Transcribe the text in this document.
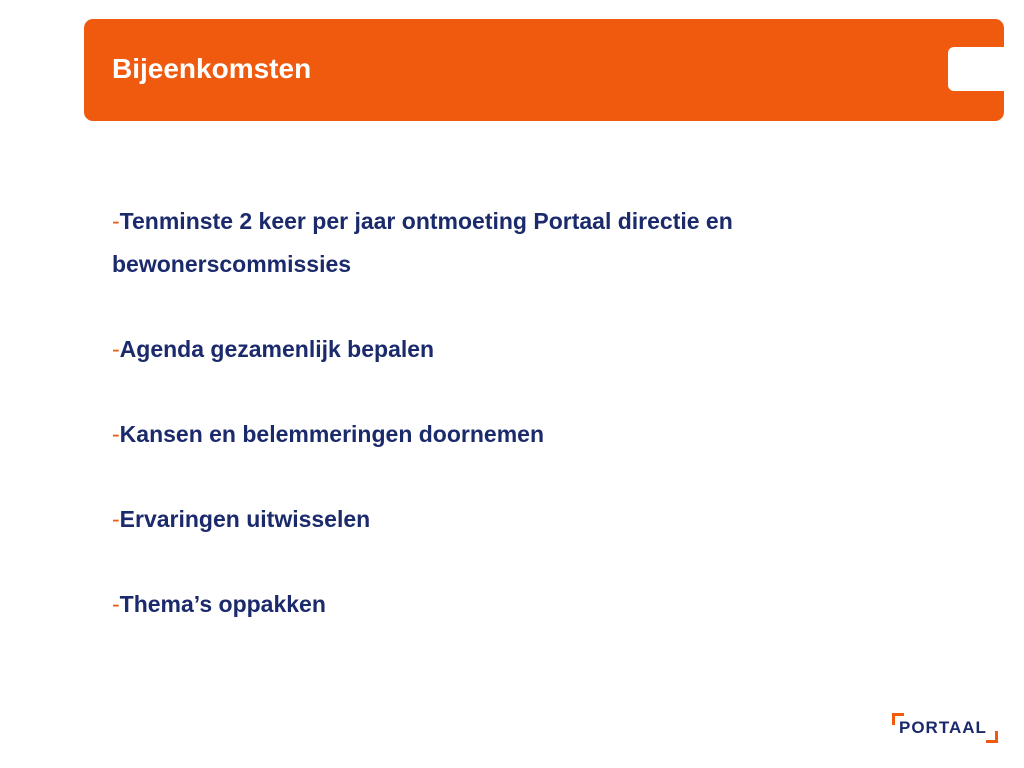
Bijeenkomsten
-Tenminste 2 keer per jaar ontmoeting Portaal directie en bewonerscommissies
-Agenda gezamenlijk bepalen
-Kansen en belemmeringen doornemen
-Ervaringen uitwisselen
-Thema’s oppakken
PORTAAL
